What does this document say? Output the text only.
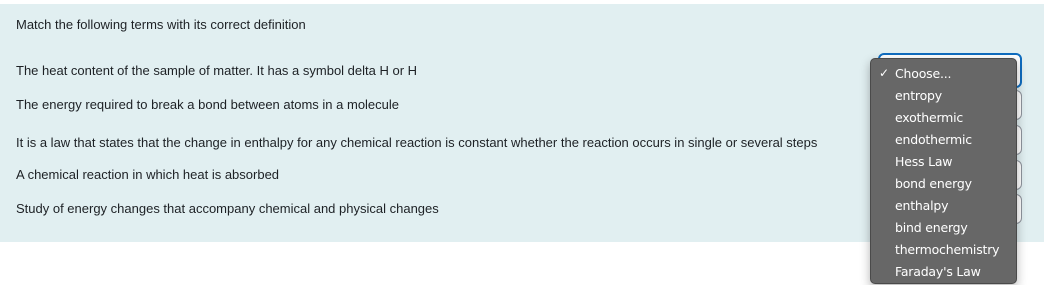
Match the following terms with its correct definition
The heat content of the sample of matter. It has a symbol delta H or H
The energy required to break a bond between atoms in a molecule
It is a law that states that the change in enthalpy for any chemical reaction is constant whether the reaction occurs in single or several steps
A chemical reaction in which heat is absorbed
Study of energy changes that accompany chemical and physical changes
✓ Choose...
entropy
exothermic
endothermic
Hess Law
bond energy
enthalpy
bind energy
thermochemistry
Faraday's Law
